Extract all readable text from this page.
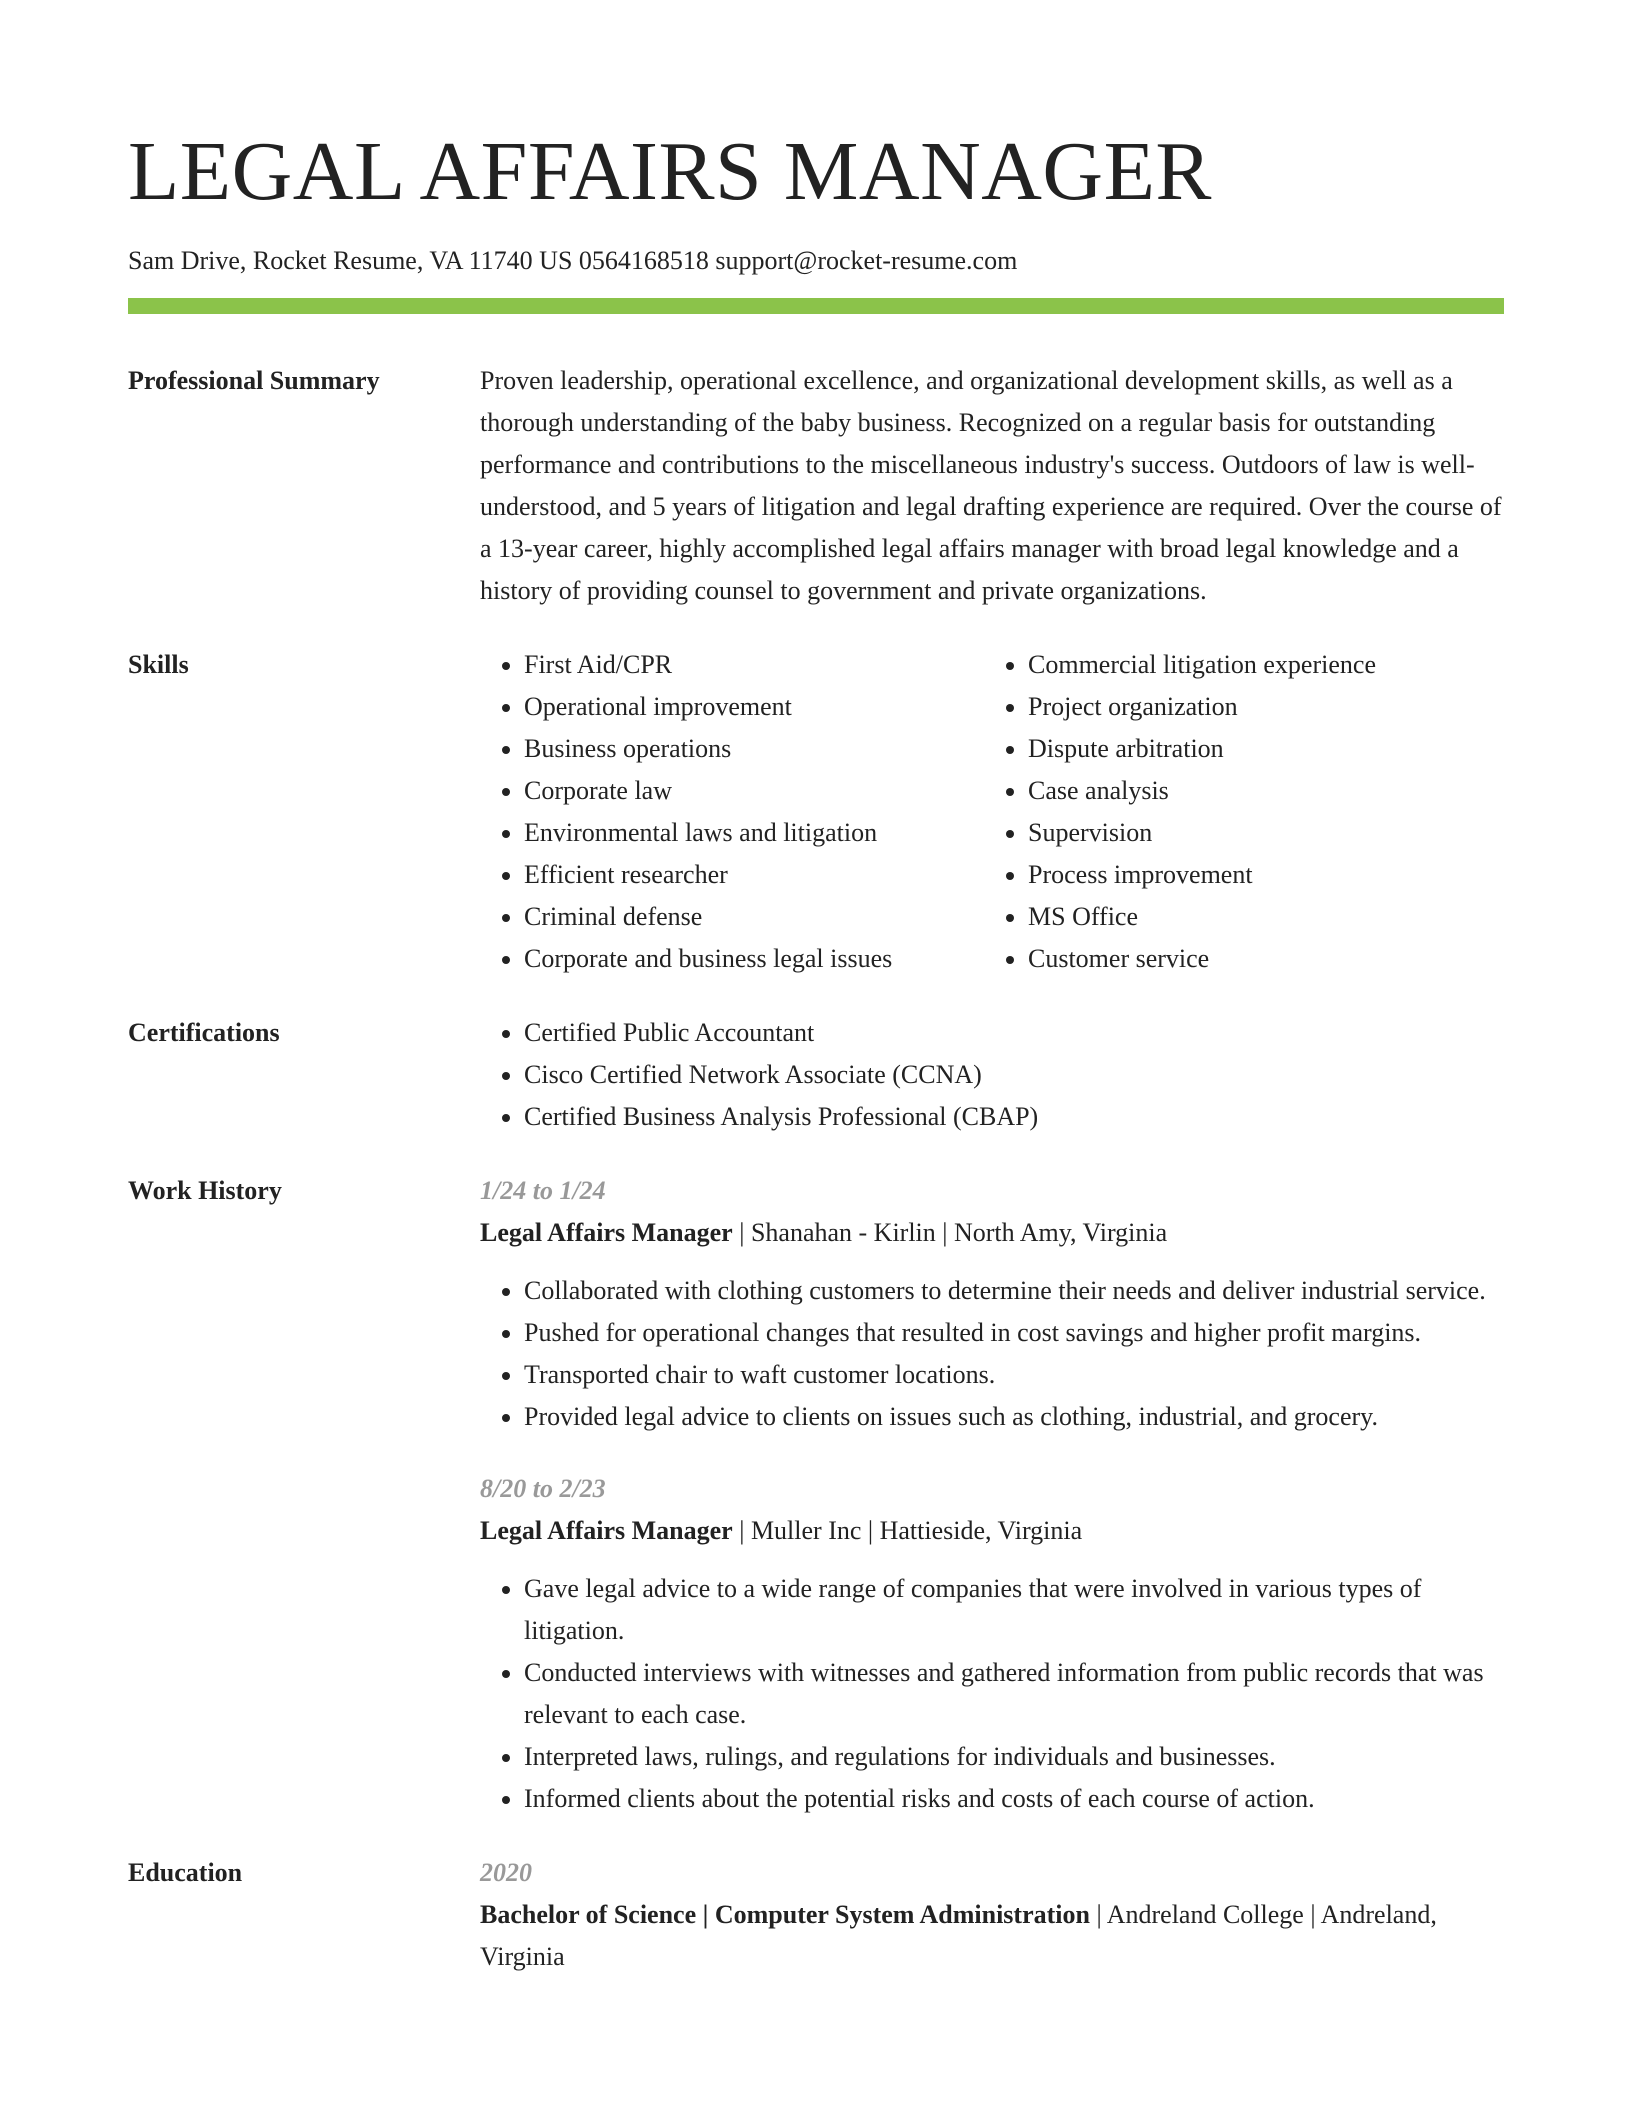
LEGAL AFFAIRS MANAGER
Sam Drive, Rocket Resume, VA 11740 US 0564168518 support@rocket-resume.com
Professional Summary	Proven leadership, operational excellence, and organizational development skills, as well as a thorough understanding of the baby business. Recognized on a regular basis for outstanding performance and contributions to the miscellaneous industry's success. Outdoors of law is well-understood, and 5 years of litigation and legal drafting experience are required. Over the course of a 13-year career, highly accomplished legal affairs manager with broad legal knowledge and a history of providing counsel to government and private organizations.

Skills	• First Aid/CPR
• Operational improvement
• Business operations
• Corporate law
• Environmental laws and litigation
• Efficient researcher
• Criminal defense
• Corporate and business legal issues
• Commercial litigation experience
• Project organization
• Dispute arbitration
• Case analysis
• Supervision
• Process improvement
• MS Office
• Customer service
Certifications	• Certified Public Accountant
• Cisco Certified Network Associate (CCNA)
• Certified Business Analysis Professional (CBAP)
Work History	1/24 to 1/24
Legal Affairs Manager | Shanahan - Kirlin | North Amy, Virginia
• Collaborated with clothing customers to determine their needs and deliver industrial service.
• Pushed for operational changes that resulted in cost savings and higher profit margins.
• Transported chair to waft customer locations.
• Provided legal advice to clients on issues such as clothing, industrial, and grocery.
8/20 to 2/23
Legal Affairs Manager | Muller Inc | Hattieside, Virginia
• Gave legal advice to a wide range of companies that were involved in various types of litigation.
• Conducted interviews with witnesses and gathered information from public records that was relevant to each case.
• Interpreted laws, rulings, and regulations for individuals and businesses.
• Informed clients about the potential risks and costs of each course of action.
Education	2020
Bachelor of Science | Computer System Administration | Andreland College | Andreland, Virginia
